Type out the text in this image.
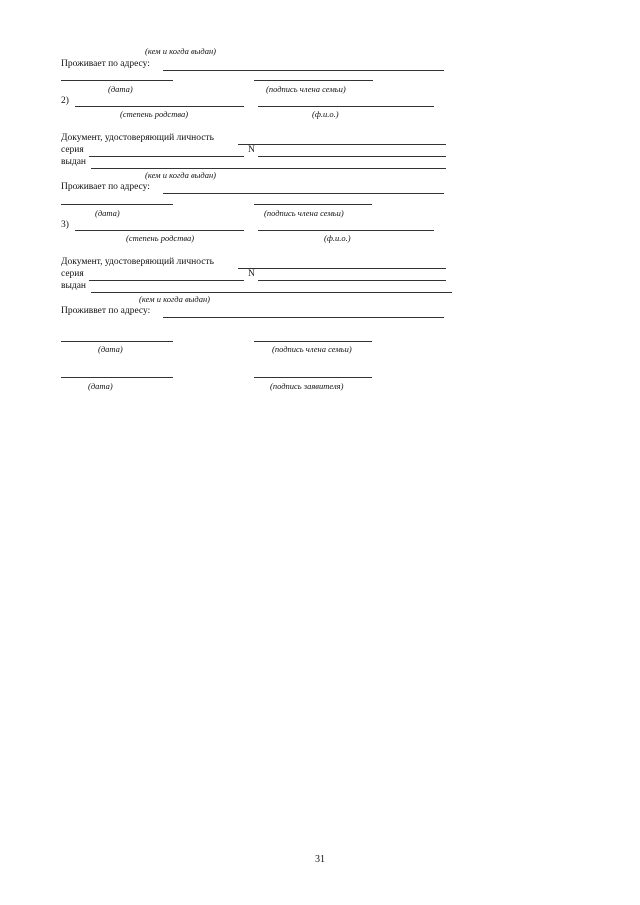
(кем и когда выдан)
Проживает по адресу:
(дата)	(подпись члена семьи)
2)
(степень родства)	(ф.и.о.)
Документ, удостоверяющий личность
серия	N
выдан
(кем и когда выдан)
Проживает по адресу:
(дата)	(подпись члена семьи)
3)
(степень родства)	(ф.и.о.)
Документ, удостоверяющий личность
серия	N
выдан
(кем и когда выдан)
Проживвет по адресу:
(дата)	(подпись члена семьи)
(дата)	(подпись заявителя)
31
